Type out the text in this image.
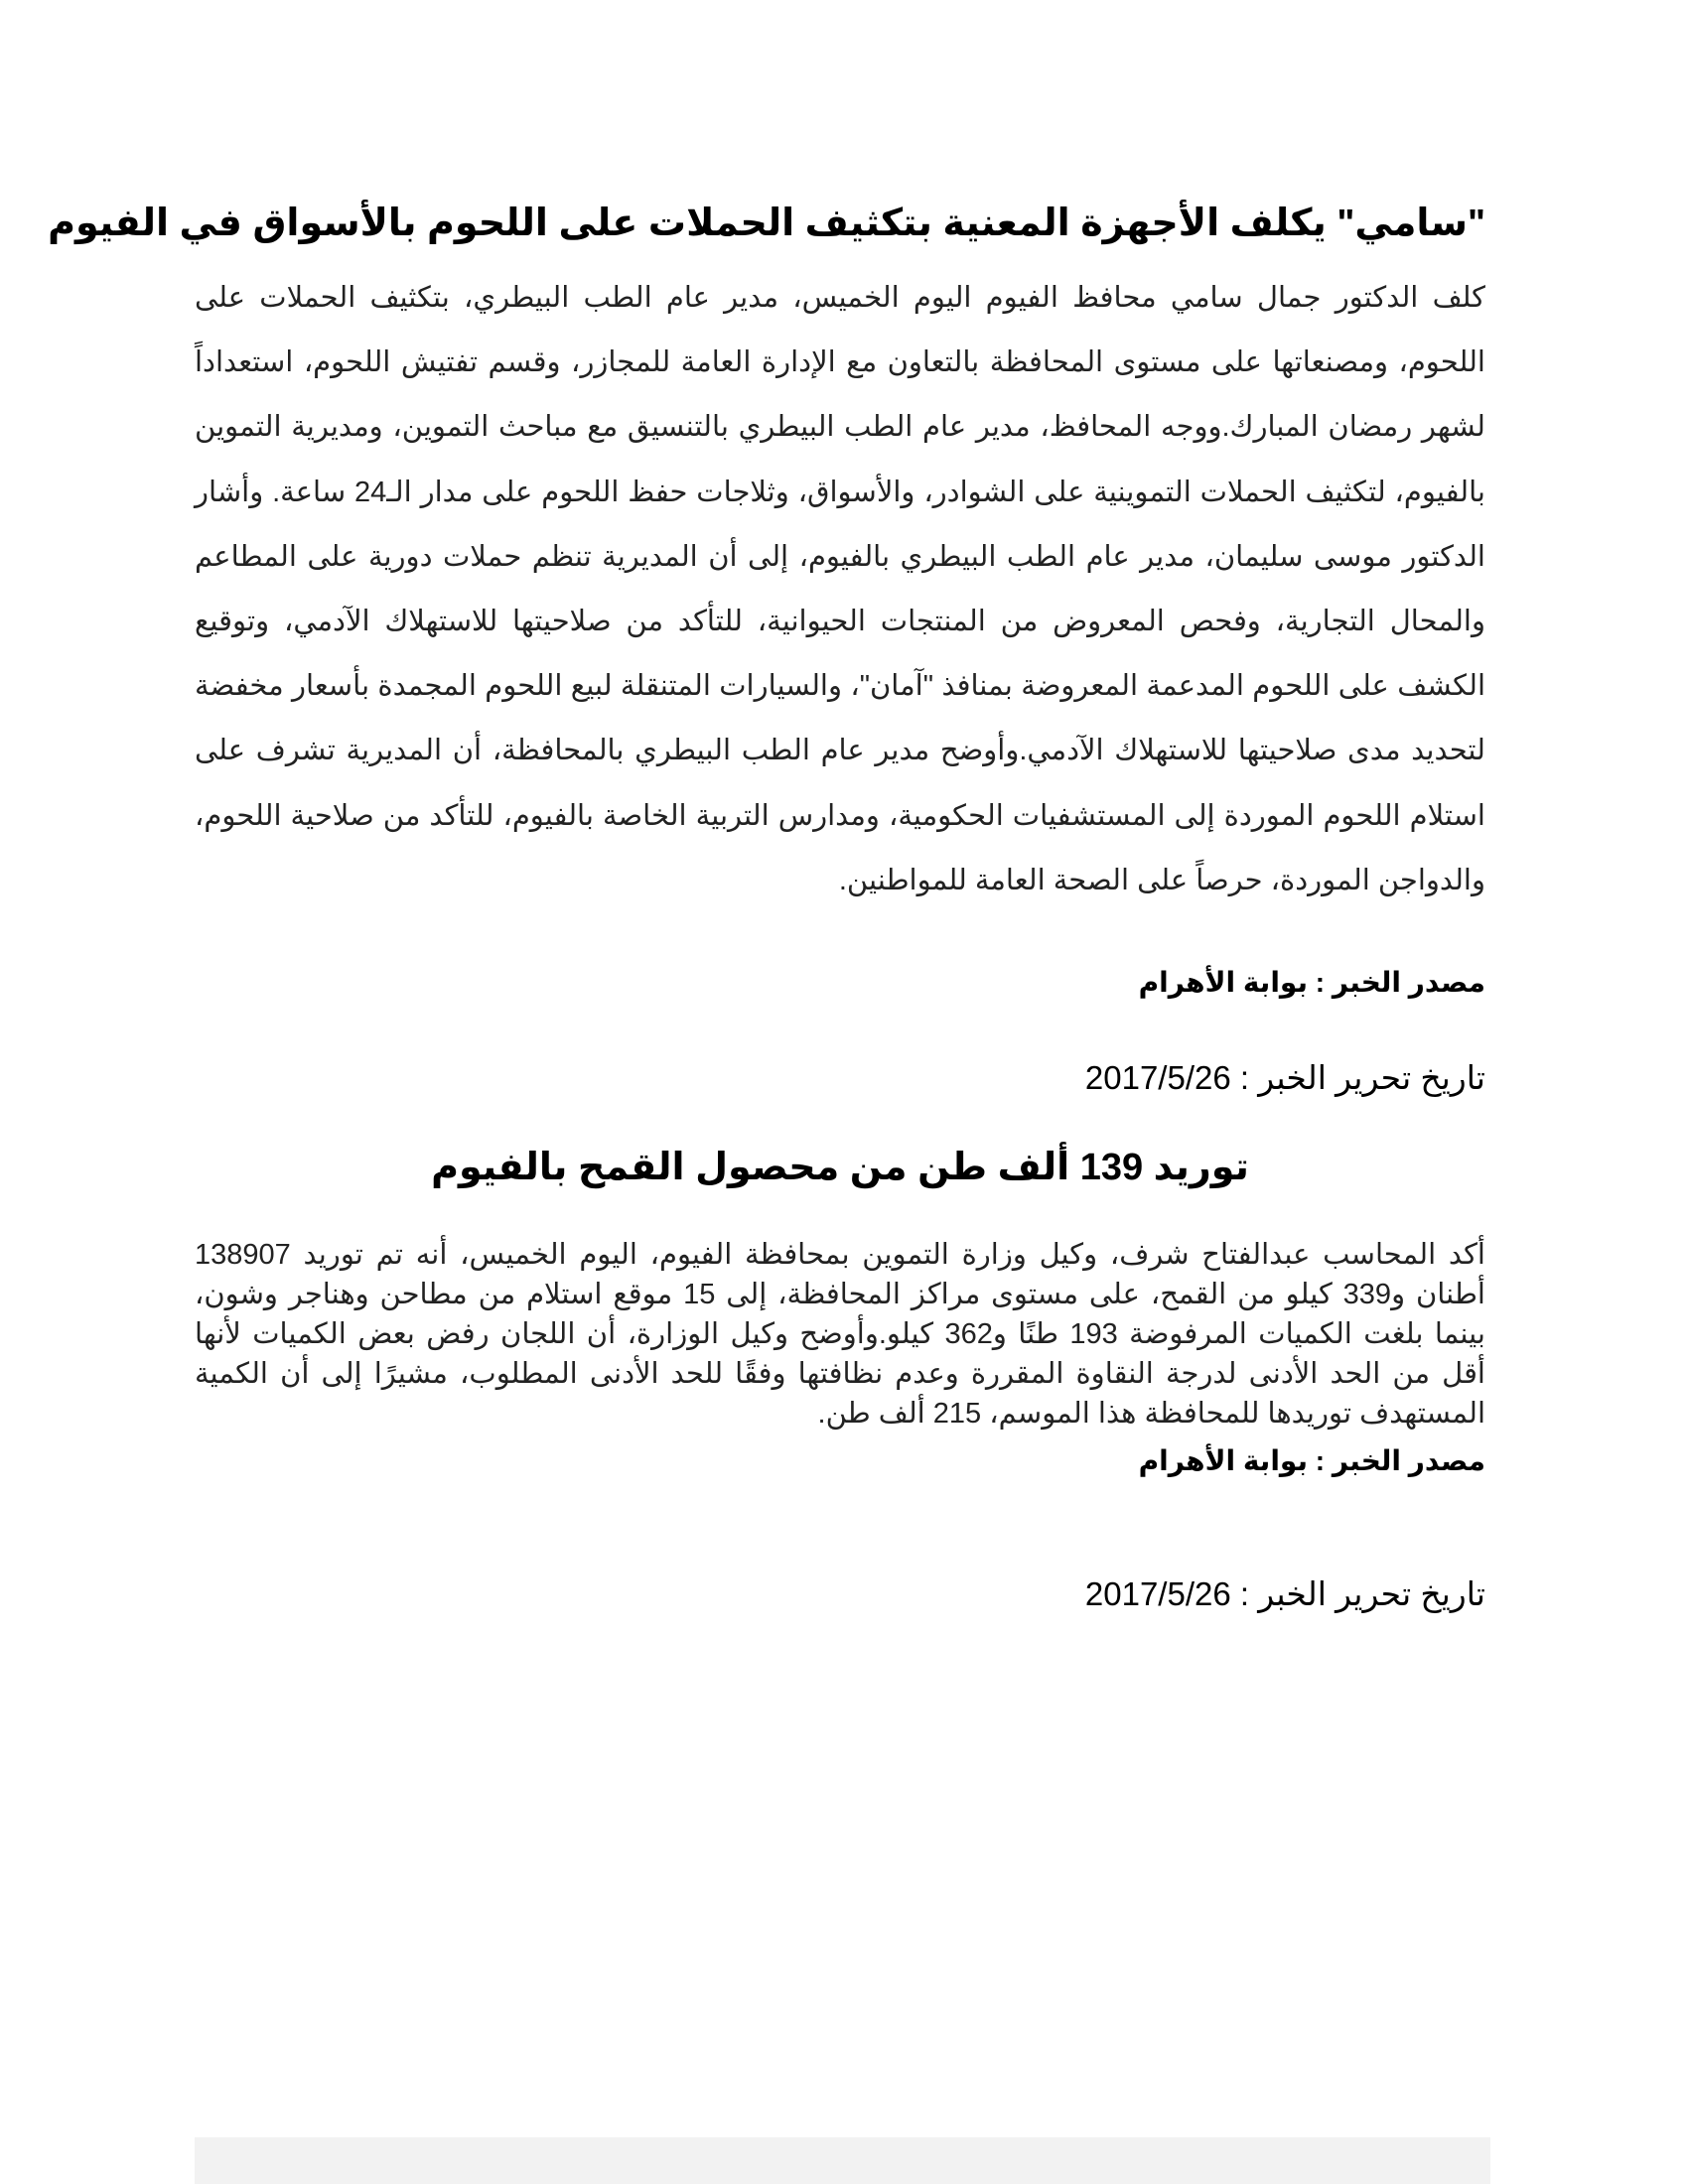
"سامي" يكلف الأجهزة المعنية بتكثيف الحملات على اللحوم بالأسواق في الفيوم

كلف الدكتور جمال سامي محافظ الفيوم اليوم الخميس، مدير عام الطب البيطري، بتكثيف الحملات على اللحوم، ومصنعاتها على مستوى المحافظة بالتعاون مع الإدارة العامة للمجازر، وقسم تفتيش اللحوم، استعداداً لشهر رمضان المبارك.ووجه المحافظ، مدير عام الطب البيطري بالتنسيق مع مباحث التموين، ومديرية التموين بالفيوم، لتكثيف الحملات التموينية على الشوادر، والأسواق، وثلاجات حفظ اللحوم على مدار الـ24 ساعة. وأشار الدكتور موسى سليمان، مدير عام الطب البيطري بالفيوم، إلى أن المديرية تنظم حملات دورية على المطاعم والمحال التجارية، وفحص المعروض من المنتجات الحيوانية، للتأكد من صلاحيتها للاستهلاك الآدمي، وتوقيع الكشف على اللحوم المدعمة المعروضة بمنافذ "آمان"، والسيارات المتنقلة لبيع اللحوم المجمدة بأسعار مخفضة لتحديد مدى صلاحيتها للاستهلاك الآدمي.وأوضح مدير عام الطب البيطري بالمحافظة، أن المديرية تشرف على استلام اللحوم الموردة إلى المستشفيات الحكومية، ومدارس التربية الخاصة بالفيوم، للتأكد من صلاحية اللحوم، والدواجن الموردة، حرصاً على الصحة العامة للمواطنين.

مصدر الخبر : بوابة الأهرام

تاريخ تحرير الخبر : 2017/5/26

توريد 139 ألف طن من محصول القمح بالفيوم

أكد المحاسب عبدالفتاح شرف، وكيل وزارة التموين بمحافظة الفيوم، اليوم الخميس، أنه تم توريد 138907 أطنان و339 كيلو من القمح، على مستوى مراكز المحافظة، إلى 15 موقع استلام من مطاحن وهناجر وشون، بينما بلغت الكميات المرفوضة 193 طنًا و362 كيلو.وأوضح وكيل الوزارة، أن اللجان رفض بعض الكميات لأنها أقل من الحد الأدنى لدرجة النقاوة المقررة وعدم نظافتها وفقًا للحد الأدنى المطلوب، مشيرًا إلى أن الكمية المستهدف توريدها للمحافظة هذا الموسم، 215 ألف طن.

مصدر الخبر : بوابة الأهرام

تاريخ تحرير الخبر : 2017/5/26
